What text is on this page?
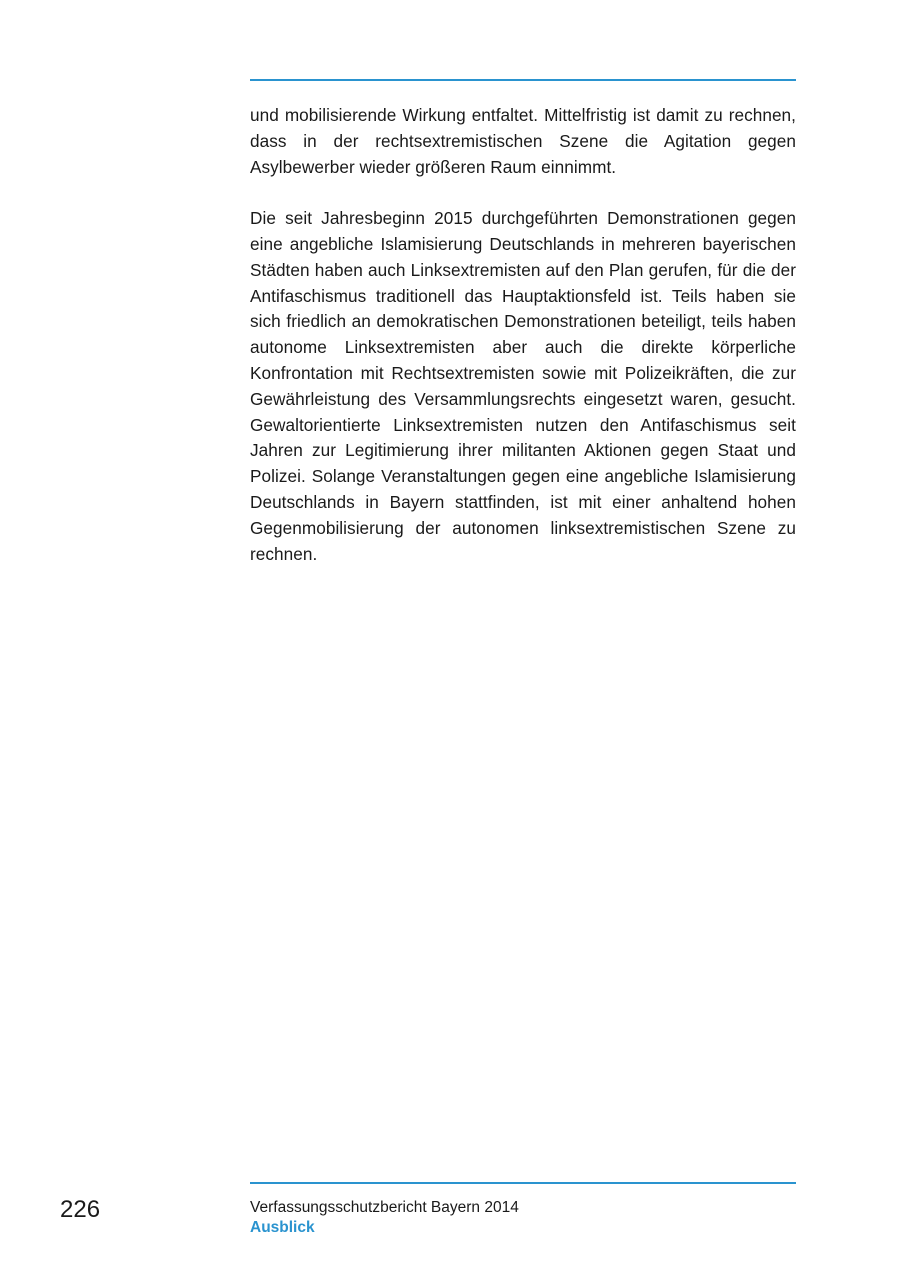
und mobilisierende Wirkung entfaltet. Mittelfristig ist damit zu rechnen, dass in der rechtsextremistischen Szene die Agitation gegen Asylbewerber wieder größeren Raum einnimmt.

Die seit Jahresbeginn 2015 durchgeführten Demonstrationen gegen eine angebliche Islamisierung Deutschlands in mehreren bayerischen Städten haben auch Linksextremisten auf den Plan gerufen, für die der Antifaschismus traditionell das Hauptaktionsfeld ist. Teils haben sie sich friedlich an demokratischen Demonstrationen beteiligt, teils haben autonome Linksextremisten aber auch die direkte körperliche Konfrontation mit Rechtsextremisten sowie mit Polizeikräften, die zur Gewährleistung des Versammlungsrechts eingesetzt waren, gesucht. Gewaltorientierte Linksextremisten nutzen den Antifaschismus seit Jahren zur Legitimierung ihrer militanten Aktionen gegen Staat und Polizei. Solange Veranstaltungen gegen eine angebliche Islamisierung Deutschlands in Bayern stattfinden, ist mit einer anhaltend hohen Gegenmobilisierung der autonomen linksextremistischen Szene zu rechnen.

226	Verfassungsschutzbericht Bayern 2014
Ausblick
